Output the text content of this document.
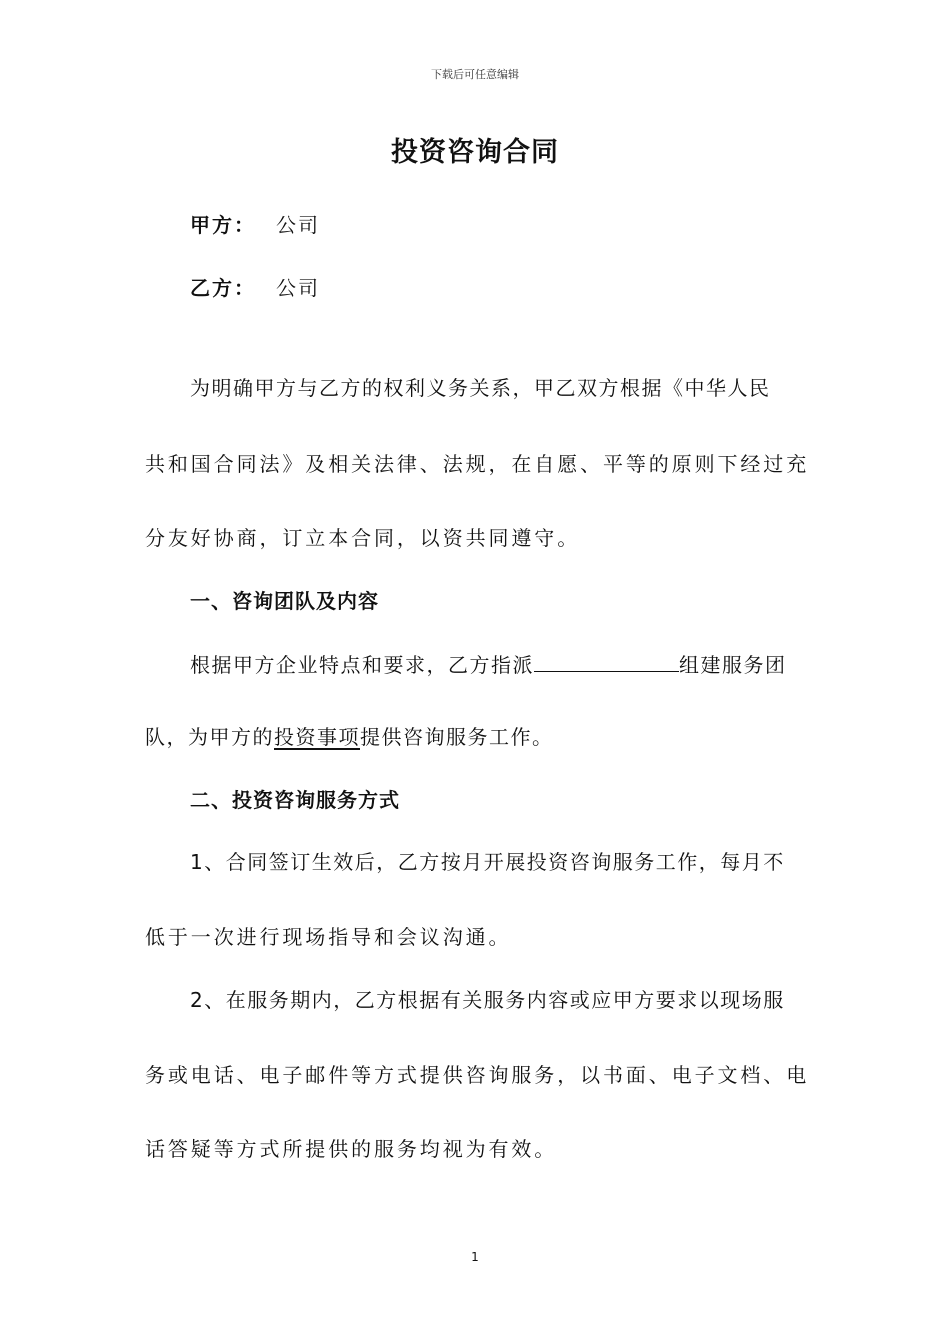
下载后可任意编辑
投资咨询合同
甲方： 公司
乙方： 公司
为明确甲方与乙方的权利义务关系，甲乙双方根据《中华人民
共和国合同法》及相关法律、法规，在自愿、平等的原则下经过充
分友好协商，订立本合同，以资共同遵守。
一、咨询团队及内容
根据甲方企业特点和要求，乙方指派	组建服务团
队，为甲方的投资事项提供咨询服务工作。
二、投资咨询服务方式
1、合同签订生效后，乙方按月开展投资咨询服务工作，每月不
低于一次进行现场指导和会议沟通。
2、在服务期内，乙方根据有关服务内容或应甲方要求以现场服
务或电话、电子邮件等方式提供咨询服务，以书面、电子文档、电
话答疑等方式所提供的服务均视为有效。
1
